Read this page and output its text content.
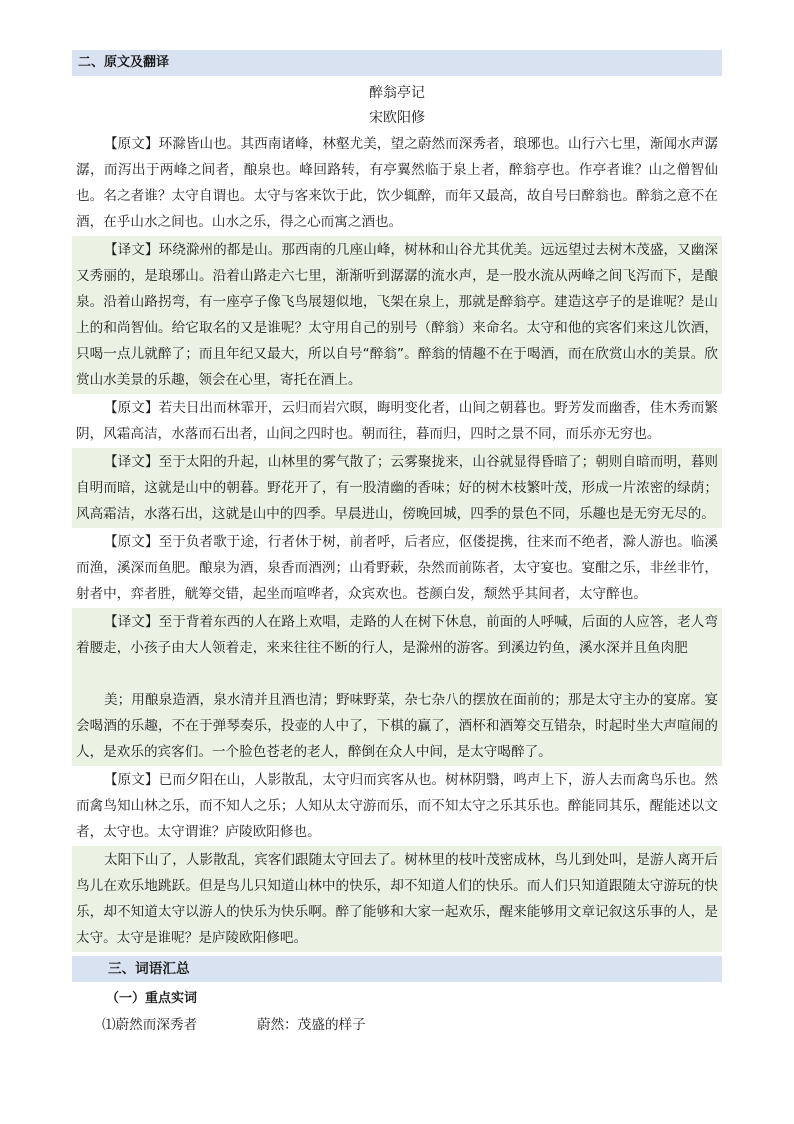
二、原文及翻译
醉翁亭记
宋欧阳修
【原文】环滁皆山也。其西南诸峰，林壑尤美，望之蔚然而深秀者，琅琊也。山行六七里，渐闻水声潺潺，而泻出于两峰之间者，酿泉也。峰回路转，有亭翼然临于泉上者，醉翁亭也。作亭者谁？山之僧智仙也。名之者谁？太守自谓也。太守与客来饮于此，饮少辄醉，而年又最高，故自号曰醉翁也。醉翁之意不在酒，在乎山水之间也。山水之乐，得之心而寓之酒也。
【译文】环绕滁州的都是山。那西南的几座山峰，树林和山谷尤其优美。远远望过去树木茂盛，又幽深又秀丽的，是琅琊山。沿着山路走六七里，渐渐听到潺潺的流水声，是一股水流从两峰之间飞泻而下，是酿泉。沿着山路拐弯，有一座亭子像飞鸟展翅似地，飞架在泉上，那就是醉翁亭。建造这亭子的是谁呢？是山上的和尚智仙。给它取名的又是谁呢？太守用自己的别号（醉翁）来命名。太守和他的宾客们来这儿饮酒，只喝一点儿就醉了；而且年纪又最大，所以自号“醉翁”。醉翁的情趣不在于喝酒，而在欣赏山水的美景。欣赏山水美景的乐趣，领会在心里，寄托在酒上。
【原文】若夫日出而林霏开，云归而岩穴暝，晦明变化者，山间之朝暮也。野芳发而幽香，佳木秀而繁阴，风霜高洁，水落而石出者，山间之四时也。朝而往，暮而归，四时之景不同，而乐亦无穷也。
【译文】至于太阳的升起，山林里的雾气散了；云雾聚拢来，山谷就显得昏暗了；朝则自暗而明，暮则自明而暗，这就是山中的朝暮。野花开了，有一股清幽的香味；好的树木枝繁叶茂，形成一片浓密的绿荫；风高霜洁，水落石出，这就是山中的四季。早晨进山，傍晚回城，四季的景色不同，乐趣也是无穷无尽的。
【原文】至于负者歌于途，行者休于树，前者呼，后者应，伛偻提携，往来而不绝者，滁人游也。临溪而渔，溪深而鱼肥。酿泉为酒，泉香而酒洌；山肴野蔌，杂然而前陈者，太守宴也。宴酣之乐，非丝非竹，射者中，弈者胜，觥筹交错，起坐而喧哗者，众宾欢也。苍颜白发，颓然乎其间者，太守醉也。
【译文】至于背着东西的人在路上欢唱，走路的人在树下休息，前面的人呼喊，后面的人应答，老人弯着腰走，小孩子由大人领着走，来来往往不断的行人，是滁州的游客。到溪边钓鱼，溪水深并且鱼肉肥
美；用酿泉造酒，泉水清并且酒也清；野味野菜，杂七杂八的摆放在面前的；那是太守主办的宴席。宴会喝酒的乐趣，不在于弹琴奏乐，投壶的人中了，下棋的赢了，酒杯和酒筹交互错杂，时起时坐大声喧闹的人，是欢乐的宾客们。一个脸色苍老的老人，醉倒在众人中间，是太守喝醉了。
【原文】已而夕阳在山，人影散乱，太守归而宾客从也。树林阴翳，鸣声上下，游人去而禽鸟乐也。然而禽鸟知山林之乐，而不知人之乐；人知从太守游而乐，而不知太守之乐其乐也。醉能同其乐，醒能述以文者，太守也。太守谓谁？庐陵欧阳修也。
太阳下山了，人影散乱，宾客们跟随太守回去了。树林里的枝叶茂密成林，鸟儿到处叫，是游人离开后鸟儿在欢乐地跳跃。但是鸟儿只知道山林中的快乐，却不知道人们的快乐。而人们只知道跟随太守游玩的快乐，却不知道太守以游人的快乐为快乐啊。醉了能够和大家一起欢乐，醒来能够用文章记叙这乐事的人，是太守。太守是谁呢？是庐陵欧阳修吧。
三、词语汇总
（一）重点实词
⑴蔚然而深秀者	蔚然：茂盛的样子
